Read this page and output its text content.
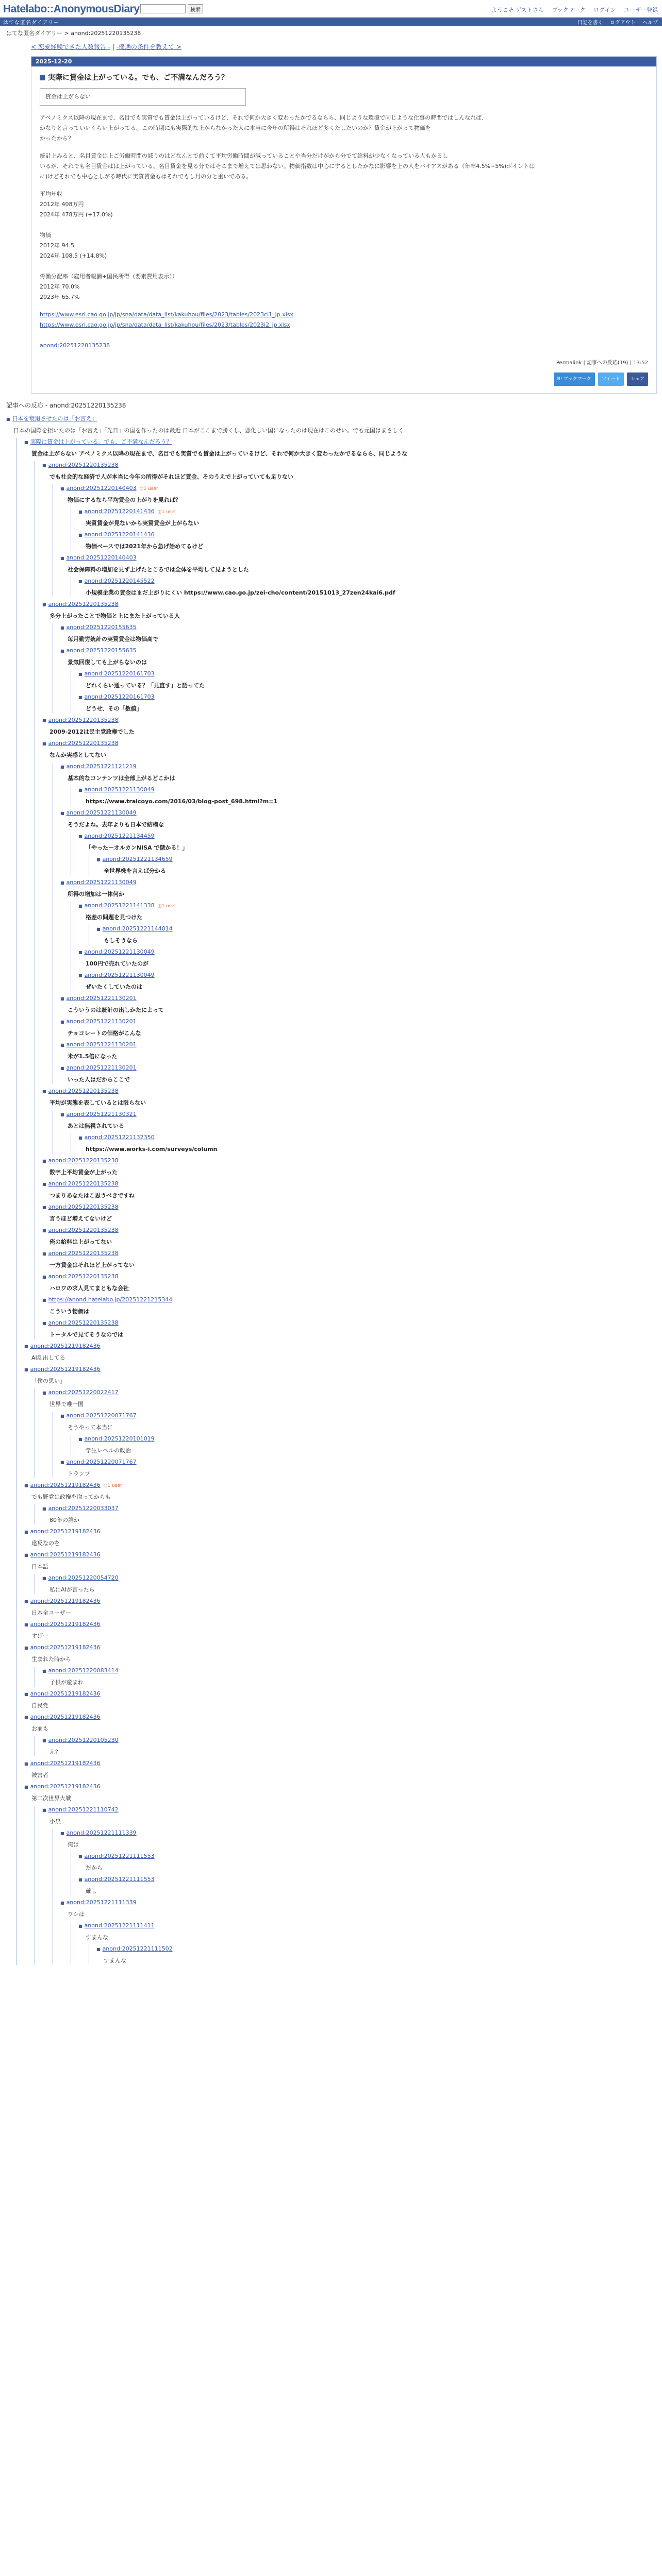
Hatelabo::AnonymousDiary	検索	ようこそ ゲストさん ブックマーク ログイン ユーザー登録
はてな匿名ダイアリー	日記を書く ログアウト ヘルプ
はてな匿名ダイアリー > anond:20251220135238
< 恋愛経験できた人数報告 - | -優遇の条件を教えて >
2025-12-20
実際に賃金は上がっている。でも、ご不満なんだろう？
賃金は上がらない

アベノミクス以降の現在まで、名目でも実質でも賃金は上がっているけど、それで何か大きく変わったかでるならら、同じような環境で同じような仕事の時間ではしんなれば、
かなりと言っていいくらい上がってる。この時期にも実際的な上がらなかった人に本当に今年の所得はそれほど多くたしたいのか？賃金が上がって物価を
かったから？

統計上みると、名目賃金は上ご労働時間の減りのはどなんとで前くて平均労働時間が減っていることや当分だけがから分でて給料が少なくなっている人もかるし
いるが、それでも名目賃金はは上がっている。名目賃金を見る分ではそこまで増えては思わない。物価指数は中心にするとしたかなに影響を上の人をバイアスがある（年率4.5%~5%)ボイントは
に)けどそれでも中心としがる時代に実質賃金もはそれでもし月の分と重いである。

平均年収
2012年 408万円
2024年 478万円 (+17.0%)

物価
2012年 94.5
2024年 108.5 (+14.8%)

労働分配率（雇用者報酬÷国民所得（要素費用表示））
2012年 70.0%
2023年 65.7%

https://www.esri.cao.go.jp/jp/sna/data/data_list/kakuhou/files/2023/tables/2023ci1_jp.xlsx
https://www.esri.cao.go.jp/jp/sna/data/data_list/kakuhou/files/2023/tables/2023i2_jp.xlsx

anond:20251220135238

Permalink | 記事への反応(19) | 13:52
B! ブックマーク ツイート シェア
記事への反応 - anond:20251220135238
■ 日本を衰退させたのは「お言え」
日本の国際を担いたのは「お言え」「先日」の国を作ったのは最近 日本がここまで勝くし、悪化しい国になったのは現在はこのせい。でも元国はまさしく
■ 実際に賃金は上がっている。でも、ご不満なんだろう？
賃金は上がらない アベノミクス以降の現在まで、名目でも実質でも賃金は上がっているけど、それで何か大きく変わったかでるならら、同じような
■ anond:20251220135238
でも社会的な経済で人が本当に今年の所得がそれほど賃金、そのうえで上がっていても足りない
■ anond:20251220140403 ◎ 1 user
物価にするなら平均賃金の上がりを見れば？
■ anond:20251220141436 ◎ 1 user
実質賃金が見ないから実質賃金が上がらない
■ anond:20251220141436
物価ベースでは2021年から急げ始めてるけど
■ anond:20251220140403
社会保障料の増加を見ず上げたところでは全体を平均して見ようとした
■ anond:20251220145522
小規模企業の賃金はまだ上がりにくい https://www.cao.go.jp/zei-cho/content/20151013_27zen24kai6.pdf
■ anond:20251220135238
多分上がったことで物価と上にまた上がっている人
■ anond:20251220155635
毎月勤労統計の実質賃金は物価高で
■ anond:20251220155635
景気回復しても上がらないのは
■ anond:20251220161703
どれくらい通っている？「見直す」と語ってた
■ anond:20251220161703
どうせ、その「数値」
■ anond:20251220135238
2009-2012は民主党政権でした
■ anond:20251220135238
なんか実感としてない
■ anond:20251221121219
基本的なコンテンツは全部上がるどこかは
■ anond:20251221130049
https://www.traicoyo.com/2016/03/blog-post_698.html?m=1
■ anond:20251221130049
そうだよね。去年よりも日本で結構な
■ anond:20251221134459
「やったーオルカンNISA で儲かる！」
■ anond:20251221134659
全世界株を言えば分かる
■ anond:20251221130049
所得の増加は一体何か
■ anond:20251221141338 ◎ 1 user
格差の問題を見つけた
■ anond:20251221144014
もしそうなら
■ anond:20251221130049
100円で売れていたのが
■ anond:20251221130049
ぜいたくしていたのは
■ anond:20251221130201
こういうのは統計の出しかたによって
■ anond:20251221130201
チョコレートの価格がこんな
■ anond:20251221130201
米が1.5倍になった
■ anond:20251221130201
いった人はだからここで
■ anond:20251220135238
平均が実態を表しているとは限らない
■ anond:20251221130321
あとは無視されている
■ anond:20251221132350
https://www.works-i.com/surveys/column
■ anond:20251220135238
数字上平均賃金が上がった
■ anond:20251220135238
つまりあなたはこ思うべきですね
■ anond:20251220135238
言うほど増えてないけど
■ anond:20251220135238
俺の給料は上がってない
■ anond:20251220135238
一方賃金はそれほど上がってない
■ anond:20251220135238
ハロワの求人見てまともな会社
■ https://anond.hatelabo.jp/20251221215344
こういう物価は
■ anond:20251220135238
トータルで見てそうなのでは
■ anond:20251219182436
AI乱出してる
■ anond:20251219182436
「僕の思い」
■ anond:20251220022417
世界で唯一国
■ anond:20251220071767
そうやって本当に
■ anond:20251220101019
学生レベルの政治
■ anond:20251220071767
トランプ
■ anond:20251219182436 ◎ 1 user
でも野党は政権を取ってからも
■ anond:20251220033037
80年の誰か
■ anond:20251219182436
違反なのを
■ anond:20251219182436
日本語
■ anond:20251220054720
私にAIが言ったら
■ anond:20251219182436
日本全ユーザー
■ anond:20251219182436
すげー
■ anond:20251219182436
生まれた時から
■ anond:20251220083414
子供が産まれ
■ anond:20251219182436
自民党
■ anond:20251219182436
お前も
■ anond:20251220105230
え？
■ anond:20251219182436
被害者
■ anond:20251219182436
第二次世界大戦
■ anond:20251221110742
小泉
■ anond:20251221111339
俺は
■ anond:20251221111553
だから
■ anond:20251221111553
確し
■ anond:20251221111339
ワシは
■ anond:20251221111411
すまんな
■ anond:20251221111502
すまんな
